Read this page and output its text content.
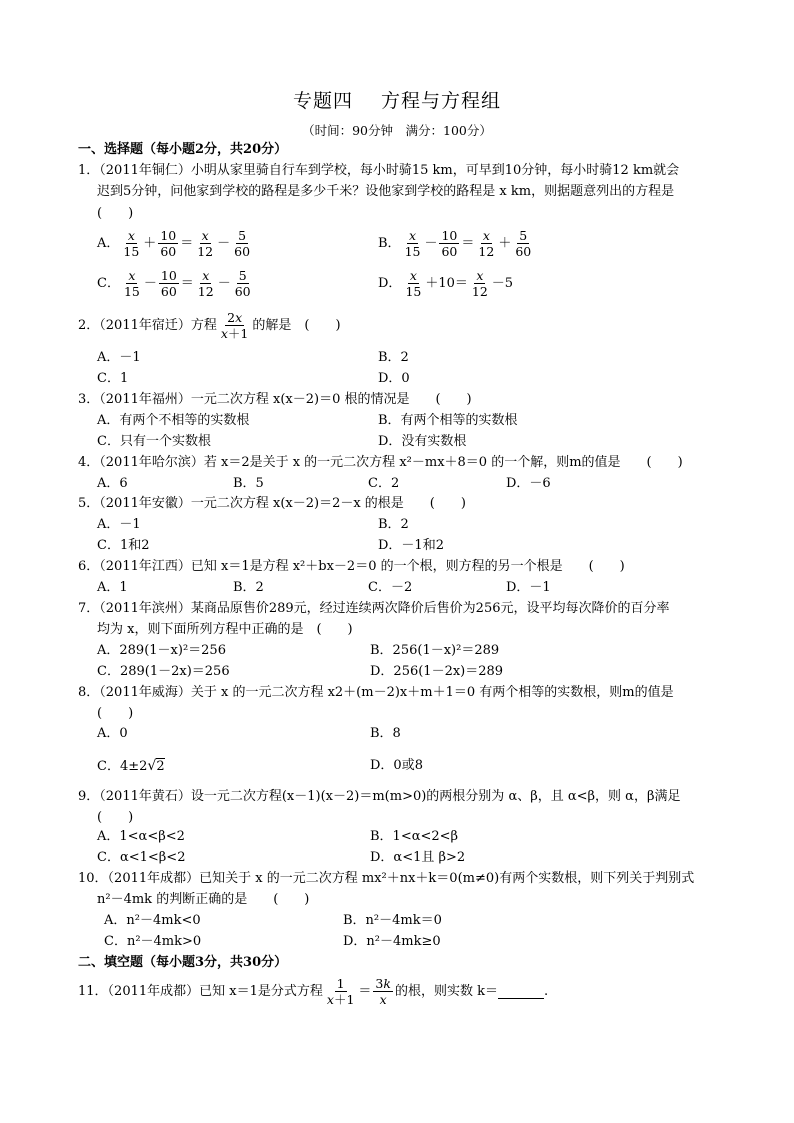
专题四 方程与方程组
（时间：90分钟　满分：100分）
一、选择题（每小题2分，共20分）
1．（2011年铜仁）小明从家里骑自行车到学校，每小时骑15 km，可早到10分钟，每小时骑12 km就会
迟到5分钟，问他家到学校的路程是多少千米？设他家到学校的路程是 x km，则据题意列出的方程是
(　　)
A． $\frac{x}{15} + \frac{10}{60} = \frac{x}{12} - \frac{5}{60}$	B． $\frac{x}{15} - \frac{10}{60} = \frac{x}{12} + \frac{5}{60}$
C． $\frac{x}{15} - \frac{10}{60} = \frac{x}{12} - \frac{5}{60}$	D． $\frac{x}{15} +10= \frac{x}{12} -5$
2．（2011年宿迁）方程 $\frac{2x}{x+1}$ 的解是　(　　)
A．－1	B．2
C．1	D．0
3．（2011年福州）一元二次方程 x(x－2)＝0 根的情况是　　(　　)
A．有两个不相等的实数根	B．有两个相等的实数根
C．只有一个实数根	D．没有实数根
4．（2011年哈尔滨）若 x＝2是关于 x 的一元二次方程 x²－mx＋8＝0 的一个解，则m的值是　　(　　)
A．6	B．5	C．2	D．－6
5．（2011年安徽）一元二次方程 x(x－2)＝2－x 的根是　　(　　)
A．－1	B．2
C．1和2	D．－1和2
6．（2011年江西）已知 x＝1是方程 x²＋bx－2＝0 的一个根，则方程的另一个根是　　(　　)
A．1	B．2	C．－2	D．－1
7．（2011年滨州）某商品原售价289元，经过连续两次降价后售价为256元，设平均每次降价的百分率
均为 x，则下面所列方程中正确的是　(　　)
A．289(1－x)²＝256	B．256(1－x)²＝289
C．289(1－2x)＝256	D．256(1－2x)＝289
8．（2011年威海）关于 x 的一元二次方程 x2＋(m－2)x＋m＋1＝0 有两个相等的实数根，则m的值是
(　　)
A．0	B．8
C．4±2√2	D．0或8
9．（2011年黄石）设一元二次方程(x－1)(x－2)＝m(m>0)的两根分别为 α、β，且 α<β，则 α，β满足
(　　)
A．1<α<β<2	B．1<α<2<β
C．α<1<β<2	D．α<1且 β>2
10．（2011年成都）已知关于 x 的一元二次方程 mx²＋nx＋k＝0(m≠0)有两个实数根，则下列关于判别式
n²－4mk 的判断正确的是　　(　　)
A．n²－4mk<0	B．n²－4mk＝0
C．n²－4mk>0	D．n²－4mk≥0
二、填空题（每小题3分，共30分）
11．（2011年成都）已知 x＝1是分式方程 $\frac{1}{x+1} = \frac{3k}{x}$ 的根，则实数 k＝	.
